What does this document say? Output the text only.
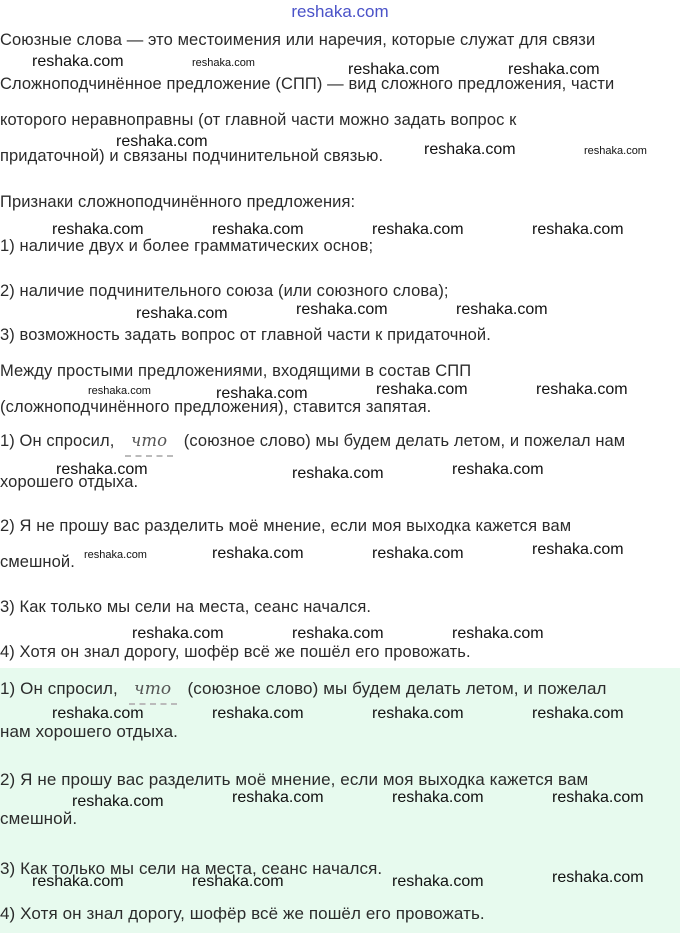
reshaka.com
Союзные слова — это местоимения или наречия, которые служат для связи
Сложноподчинённое предложение (СПП) — вид сложного предложения, части
которого неравноправны (от главной части можно задать вопрос к
придаточной) и связаны подчинительной связью.
Признаки сложноподчинённого предложения:
1) наличие двух и более грамматических основ;
2) наличие подчинительного союза (или союзного слова);
3) возможность задать вопрос от главной части к придаточной.
Между простыми предложениями, входящими в состав СПП
(сложноподчинённого предложения), ставится запятая.
1) Он спросил, что (союзное слово) мы будем делать летом, и пожелал нам
хорошего отдыха.
2) Я не прошу вас разделить моё мнение, если моя выходка кажется вам
смешной.
3) Как только мы сели на места, сеанс начался.
4) Хотя он знал дорогу, шофёр всё же пошёл его провожать.
1) Он спросил, что (союзное слово) мы будем делать летом, и пожелал
нам хорошего отдыха.
2) Я не прошу вас разделить моё мнение, если моя выходка кажется вам
смешной.
3) Как только мы сели на места, сеанс начался.
4) Хотя он знал дорогу, шофёр всё же пошёл его провожать.
reshaka.com	reshaka.com	reshaka.com	reshaka.com
reshaka.com	reshaka.com	reshaka.com
reshaka.com	reshaka.com	reshaka.com	reshaka.com
reshaka.com	reshaka.com	reshaka.com
reshaka.com	reshaka.com	reshaka.com	reshaka.com
reshaka.com	reshaka.com	reshaka.com
reshaka.com	reshaka.com	reshaka.com	reshaka.com
reshaka.com	reshaka.com	reshaka.com
reshaka.com	reshaka.com	reshaka.com	reshaka.com
reshaka.com	reshaka.com	reshaka.com	reshaka.com
reshaka.com	reshaka.com	reshaka.com	reshaka.com
